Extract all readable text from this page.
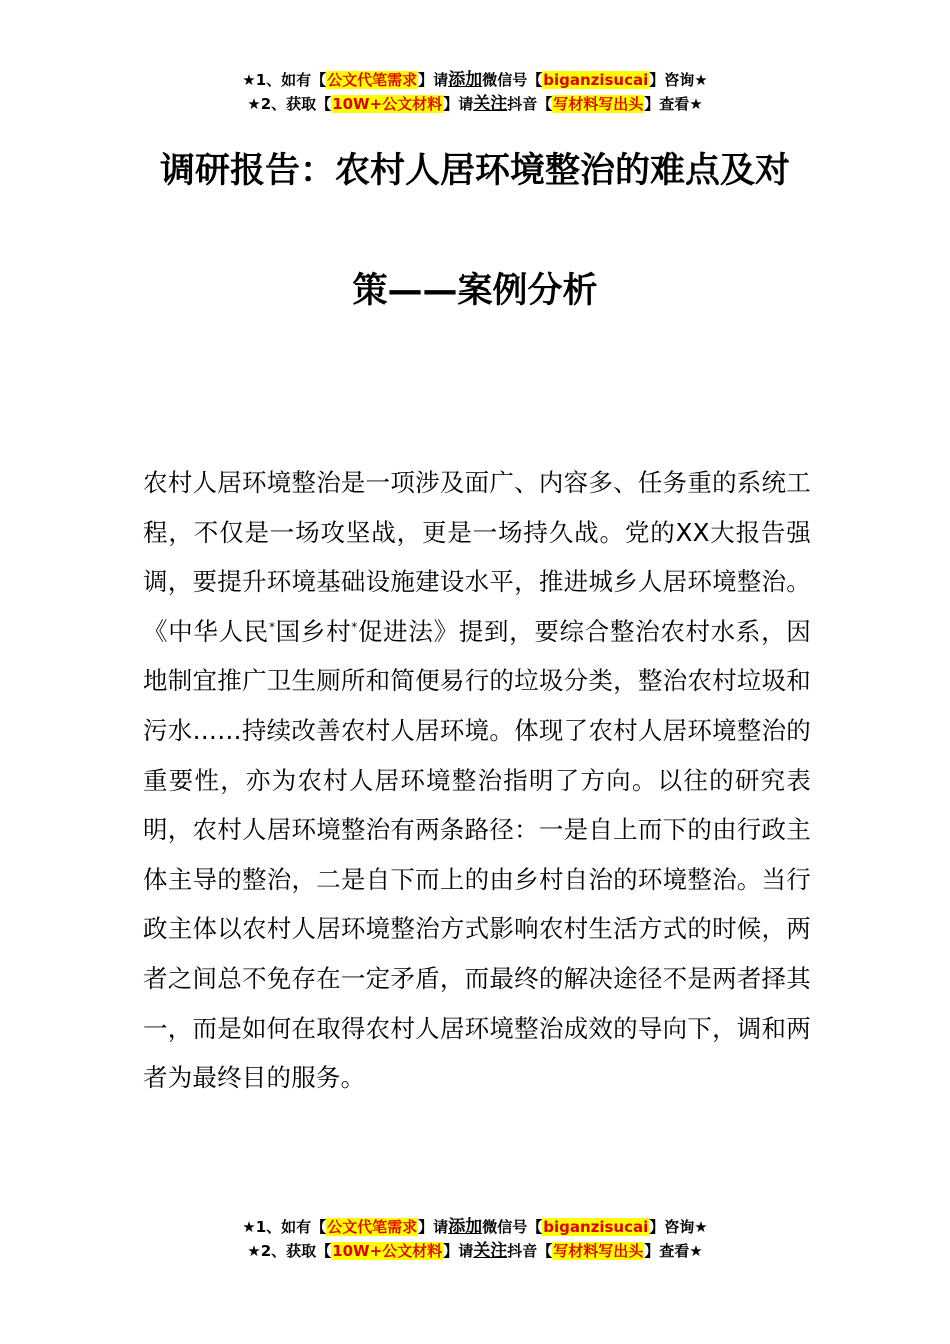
★1、如有【公文代笔需求】请添加微信号【biganzisucai】咨询★
★2、获取【10W+公文材料】请关注抖音【写材料写出头】查看★
调研报告：农村人居环境整治的难点及对
策——案例分析
农村人居环境整治是一项涉及面广、内容多、任务重的系统工程，不仅是一场攻坚战，更是一场持久战。党的XX大报告强调，要提升环境基础设施建设水平，推进城乡人居环境整治。《中华人民*国乡村*促进法》提到，要综合整治农村水系，因地制宜推广卫生厕所和简便易行的垃圾分类，整治农村垃圾和污水……持续改善农村人居环境。体现了农村人居环境整治的重要性，亦为农村人居环境整治指明了方向。以往的研究表明，农村人居环境整治有两条路径：一是自上而下的由行政主体主导的整治，二是自下而上的由乡村自治的环境整治。当行政主体以农村人居环境整治方式影响农村生活方式的时候，两者之间总不免存在一定矛盾，而最终的解决途径不是两者择其一，而是如何在取得农村人居环境整治成效的导向下，调和两者为最终目的服务。
★1、如有【公文代笔需求】请添加微信号【biganzisucai】咨询★
★2、获取【10W+公文材料】请关注抖音【写材料写出头】查看★
